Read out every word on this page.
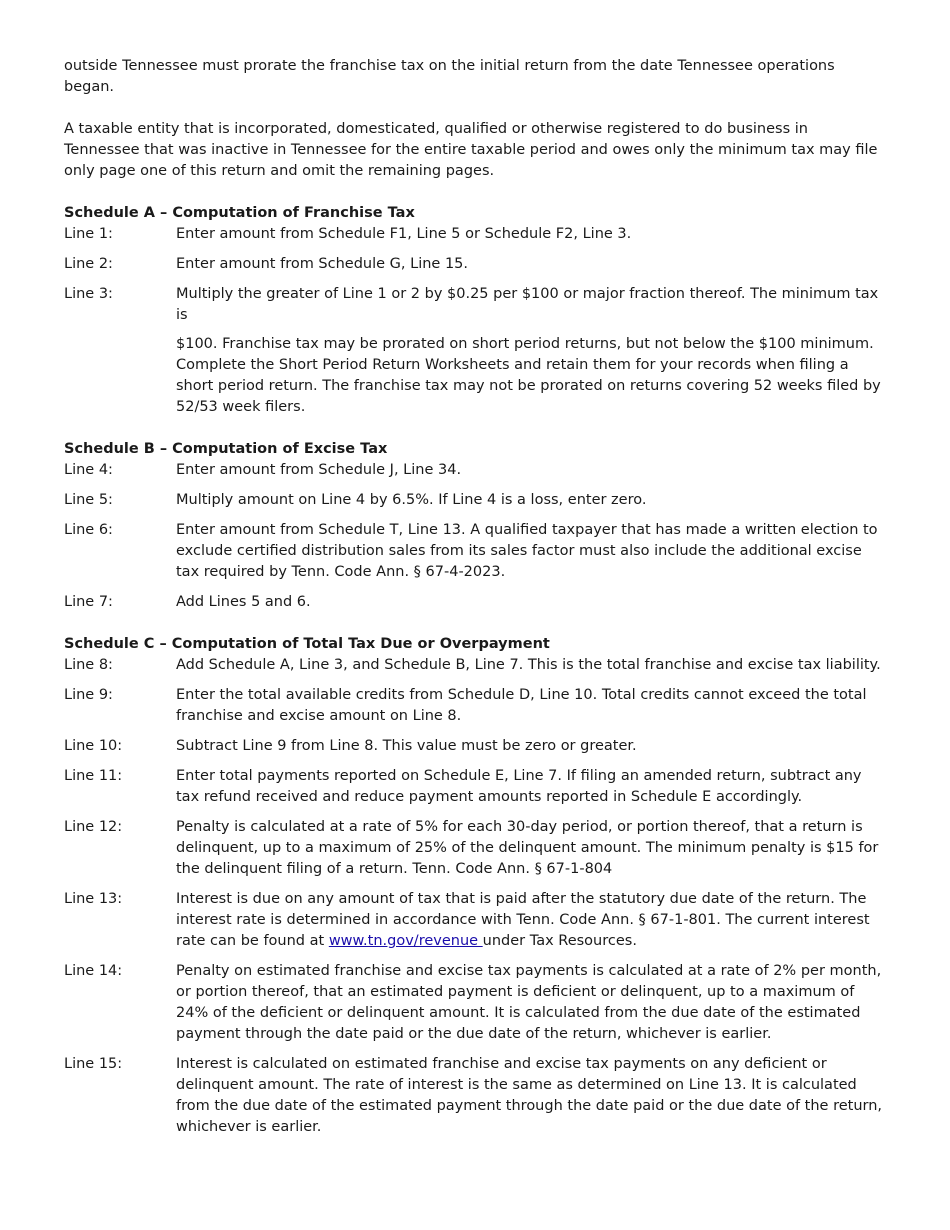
outside Tennessee must prorate the franchise tax on the initial return from the date Tennessee operations began.

A taxable entity that is incorporated, domesticated, qualified or otherwise registered to do business in Tennessee that was inactive in Tennessee for the entire taxable period and owes only the minimum tax may file only page one of this return and omit the remaining pages.

Schedule A – Computation of Franchise Tax

Line 1:	Enter amount from Schedule F1, Line 5 or Schedule F2, Line 3.
Line 2:	Enter amount from Schedule G, Line 15.
Line 3:	Multiply the greater of Line 1 or 2 by $0.25 per $100 or major fraction thereof. The minimum tax is
$100. Franchise tax may be prorated on short period returns, but not below the $100 minimum. Complete the Short Period Return Worksheets and retain them for your records when filing a short period return. The franchise tax may not be prorated on returns covering 52 weeks filed by 52/53 week filers.

Schedule B – Computation of Excise Tax

Line 4:	Enter amount from Schedule J, Line 34.
Line 5:	Multiply amount on Line 4 by 6.5%. If Line 4 is a loss, enter zero.
Line 6:	Enter amount from Schedule T, Line 13. A qualified taxpayer that has made a written election to exclude certified distribution sales from its sales factor must also include the additional excise tax required by Tenn. Code Ann. § 67-4-2023.
Line 7:	Add Lines 5 and 6.

Schedule C – Computation of Total Tax Due or Overpayment

Line 8:	Add Schedule A, Line 3, and Schedule B, Line 7. This is the total franchise and excise tax liability.
Line 9:	Enter the total available credits from Schedule D, Line 10. Total credits cannot exceed the total franchise and excise amount on Line 8.
Line 10:	Subtract Line 9 from Line 8. This value must be zero or greater.
Line 11:	Enter total payments reported on Schedule E, Line 7. If filing an amended return, subtract any tax refund received and reduce payment amounts reported in Schedule E accordingly.
Line 12:	Penalty is calculated at a rate of 5% for each 30-day period, or portion thereof, that a return is delinquent, up to a maximum of 25% of the delinquent amount. The minimum penalty is $15 for the delinquent filing of a return. Tenn. Code Ann. § 67-1-804
Line 13:	Interest is due on any amount of tax that is paid after the statutory due date of the return. The interest rate is determined in accordance with Tenn. Code Ann. § 67-1-801. The current interest rate can be found at www.tn.gov/revenue under Tax Resources.
Line 14:	Penalty on estimated franchise and excise tax payments is calculated at a rate of 2% per month, or portion thereof, that an estimated payment is deficient or delinquent, up to a maximum of 24% of the deficient or delinquent amount. It is calculated from the due date of the estimated payment through the date paid or the due date of the return, whichever is earlier.
Line 15:	Interest is calculated on estimated franchise and excise tax payments on any deficient or delinquent amount. The rate of interest is the same as determined on Line 13. It is calculated from the due date of the estimated payment through the date paid or the due date of the return, whichever is earlier.
